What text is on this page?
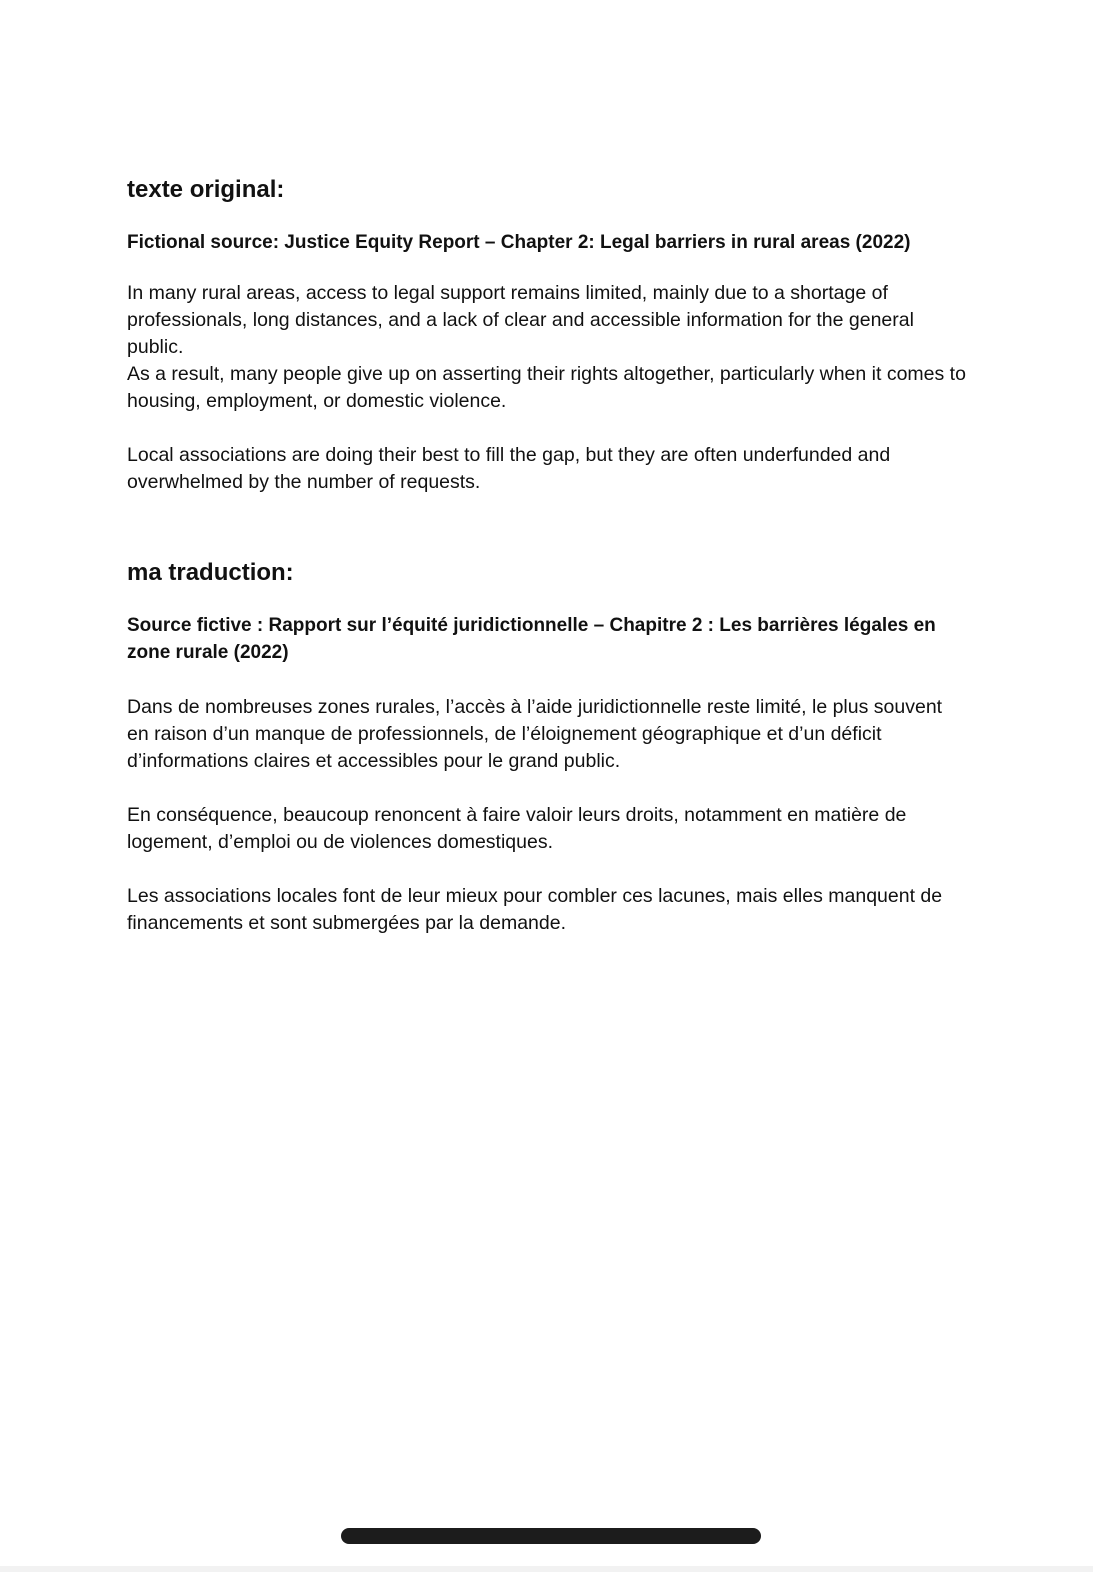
texte original:

Fictional source: Justice Equity Report – Chapter 2: Legal barriers in rural areas (2022)

In many rural areas, access to legal support remains limited, mainly due to a shortage of professionals, long distances, and a lack of clear and accessible information for the general public.

As a result, many people give up on asserting their rights altogether, particularly when it comes to housing, employment, or domestic violence.

Local associations are doing their best to fill the gap, but they are often underfunded and overwhelmed by the number of requests.

ma traduction:

Source fictive : Rapport sur l’équité juridictionnelle – Chapitre 2 : Les barrières légales en zone rurale (2022)

Dans de nombreuses zones rurales, l’accès à l’aide juridictionnelle reste limité, le plus souvent en raison d’un manque de professionnels, de l’éloignement géographique et d’un déficit d’informations claires et accessibles pour le grand public.

En conséquence, beaucoup renoncent à faire valoir leurs droits, notamment en matière de logement, d’emploi ou de violences domestiques.

Les associations locales font de leur mieux pour combler ces lacunes, mais elles manquent de financements et sont submergées par la demande.
